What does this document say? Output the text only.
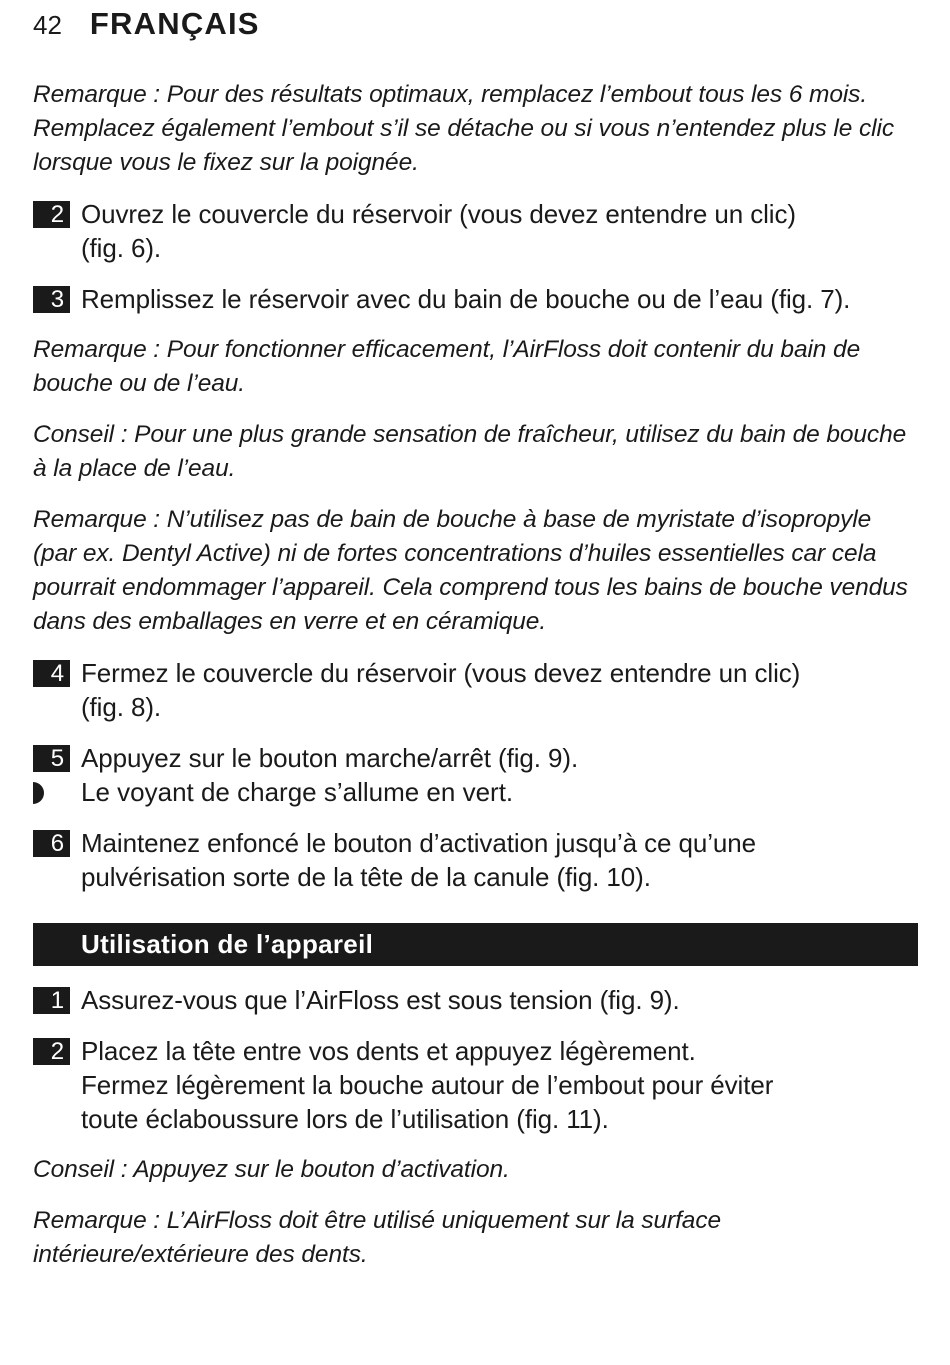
42 FRANÇAIS

Remarque : Pour des résultats optimaux, remplacez l’embout tous les 6 mois. Remplacez également l’embout s’il se détache ou si vous n’entendez plus le clic lorsque vous le fixez sur la poignée.

2 Ouvrez le couvercle du réservoir (vous devez entendre un clic)
(fig. 6).
3 Remplissez le réservoir avec du bain de bouche ou de l’eau (fig. 7).

Remarque : Pour fonctionner efficacement, l’AirFloss doit contenir du bain de bouche ou de l’eau.

Conseil : Pour une plus grande sensation de fraîcheur, utilisez du bain de bouche à la place de l’eau.

Remarque : N’utilisez pas de bain de bouche à base de myristate d’isopropyle (par ex. Dentyl Active) ni de fortes concentrations d’huiles essentielles car cela pourrait endommager l’appareil. Cela comprend tous les bains de bouche vendus dans des emballages en verre et en céramique.

4 Fermez le couvercle du réservoir (vous devez entendre un clic)
(fig. 8).
5 Appuyez sur le bouton marche/arrêt (fig. 9).
Le voyant de charge s’allume en vert.
6 Maintenez enfoncé le bouton d’activation jusqu’à ce qu’une
pulvérisation sorte de la tête de la canule (fig. 10).
Utilisation de l’appareil
1 Assurez-vous que l’AirFloss est sous tension (fig. 9).
2 Placez la tête entre vos dents et appuyez légèrement.
Fermez légèrement la bouche autour de l’embout pour éviter
toute éclaboussure lors de l’utilisation (fig. 11).

Conseil : Appuyez sur le bouton d’activation.

Remarque : L’AirFloss doit être utilisé uniquement sur la surface intérieure/extérieure des dents.
